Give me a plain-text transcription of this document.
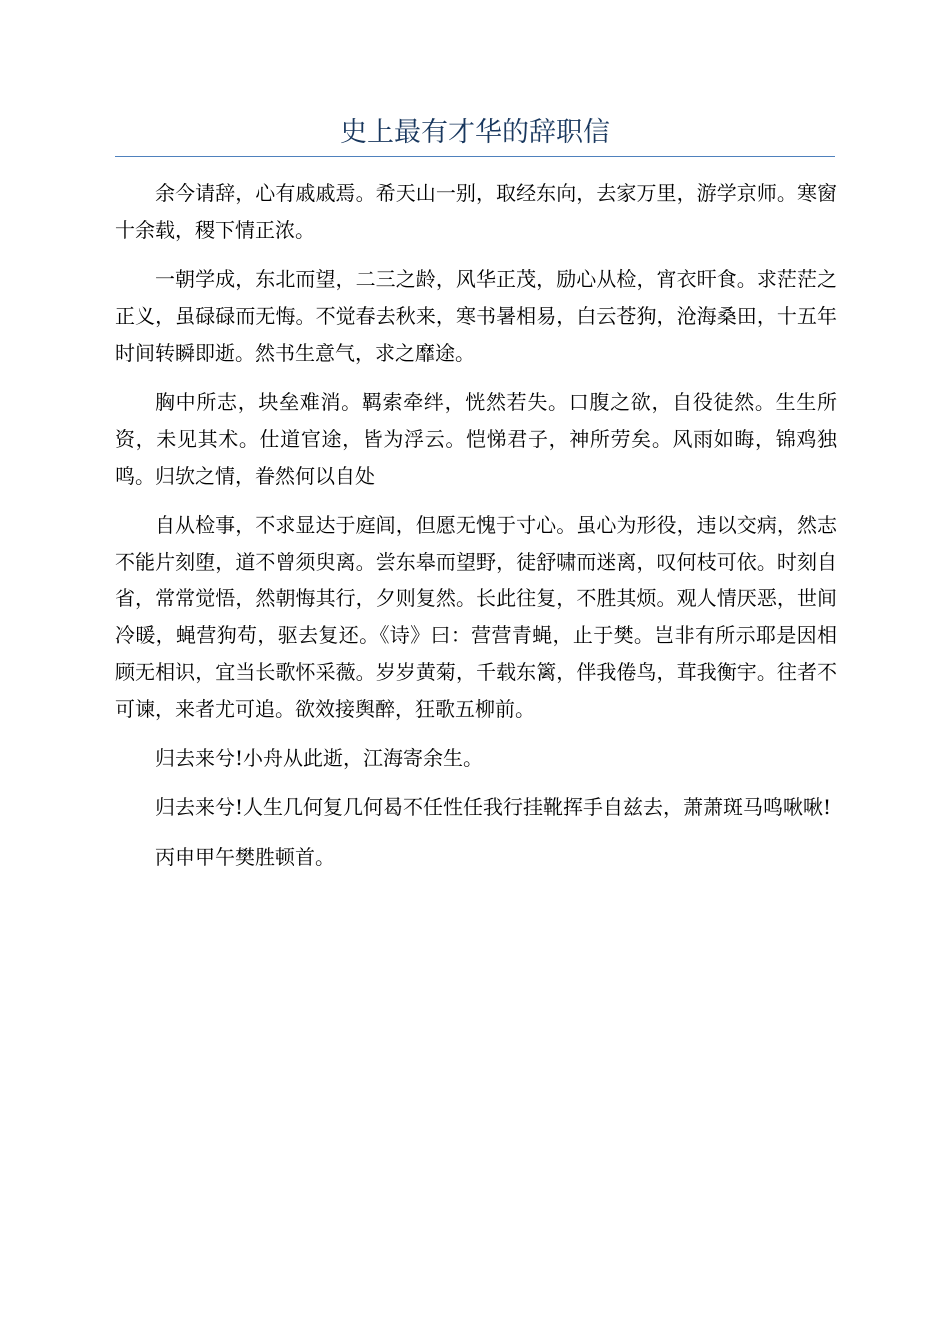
史上最有才华的辞职信

余今请辞，心有戚戚焉。希天山一别，取经东向，去家万里，游学京师。寒窗十余载，稷下情正浓。

一朝学成，东北而望，二三之龄，风华正茂，励心从检，宵衣旰食。求茫茫之正义，虽碌碌而无悔。不觉春去秋来，寒书暑相易，白云苍狗，沧海桑田，十五年时间转瞬即逝。然书生意气，求之靡途。

胸中所志，块垒难消。羁索牵绊，恍然若失。口腹之欲，自役徒然。生生所资，未见其术。仕道官途，皆为浮云。恺悌君子，神所劳矣。风雨如晦，锦鸡独鸣。归欤之情，眷然何以自处

自从检事，不求显达于庭闾，但愿无愧于寸心。虽心为形役，违以交病，然志不能片刻堕，道不曾须臾离。尝东皋而望野，徒舒啸而迷离，叹何枝可依。时刻自省，常常觉悟，然朝悔其行，夕则复然。长此往复，不胜其烦。观人情厌恶，世间冷暖，蝇营狗苟，驱去复还。《诗》曰：营营青蝇，止于樊。岂非有所示耶是因相顾无相识，宜当长歌怀采薇。岁岁黄菊，千载东篱，伴我倦鸟，茸我衡宇。往者不可谏，来者尤可追。欲效接舆醉，狂歌五柳前。

归去来兮!小舟从此逝，江海寄余生。

归去来兮!人生几何复几何曷不任性任我行挂靴挥手自兹去，萧萧斑马鸣啾啾!

丙申甲午樊胜顿首。
